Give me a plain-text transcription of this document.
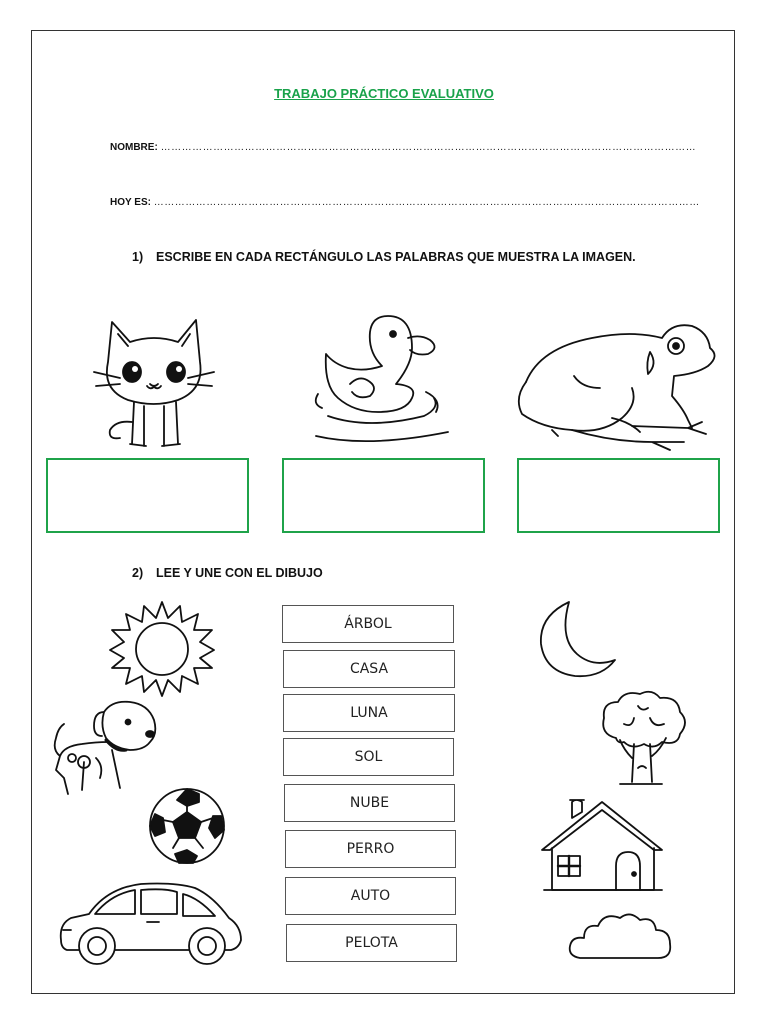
TRABAJO PRÁCTICO EVALUATIVO
NOMBRE: ………………………………………………………………………………………………………………………………………
HOY ES: …………………………………………………………………………………………………………………………………………
1) ESCRIBE EN CADA RECTÁNGULO LAS PALABRAS QUE MUESTRA LA IMAGEN.
2) LEE Y UNE CON EL DIBUJO
ÁRBOL
CASA
LUNA
SOL
NUBE
PERRO
AUTO
PELOTA
